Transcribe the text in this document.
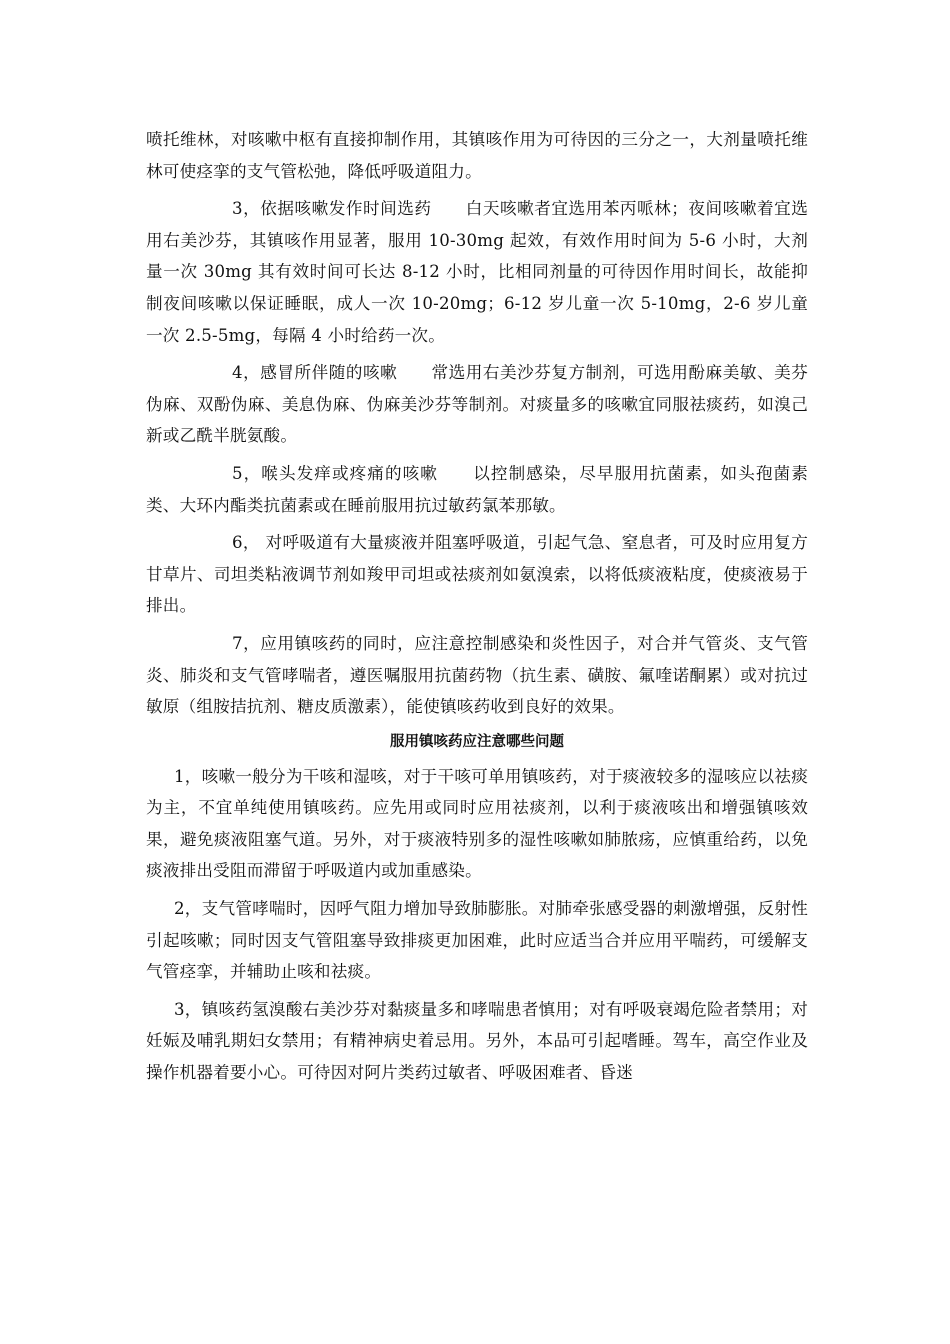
喷托维林，对咳嗽中枢有直接抑制作用，其镇咳作用为可待因的三分之一，大剂量喷托维林可使痉挛的支气管松弛，降低呼吸道阻力。

3，依据咳嗽发作时间选药　　白天咳嗽者宜选用苯丙哌林；夜间咳嗽着宜选用右美沙芬，其镇咳作用显著，服用 10-30mg 起效，有效作用时间为 5-6 小时，大剂量一次 30mg 其有效时间可长达 8-12 小时，比相同剂量的可待因作用时间长，故能抑制夜间咳嗽以保证睡眠，成人一次 10-20mg；6-12 岁儿童一次 5-10mg，2-6 岁儿童一次 2.5-5mg，每隔 4 小时给药一次。

4，感冒所伴随的咳嗽　　常选用右美沙芬复方制剂，可选用酚麻美敏、美芬伪麻、双酚伪麻、美息伪麻、伪麻美沙芬等制剂。对痰量多的咳嗽宜同服祛痰药，如溴己新或乙酰半胱氨酸。

5，喉头发痒或疼痛的咳嗽　　以控制感染，尽早服用抗菌素，如头孢菌素类、大环内酯类抗菌素或在睡前服用抗过敏药氯苯那敏。

6， 对呼吸道有大量痰液并阻塞呼吸道，引起气急、窒息者，可及时应用复方甘草片、司坦类粘液调节剂如羧甲司坦或祛痰剂如氨溴索，以将低痰液粘度，使痰液易于排出。

7，应用镇咳药的同时，应注意控制感染和炎性因子，对合并气管炎、支气管炎、肺炎和支气管哮喘者，遵医嘱服用抗菌药物（抗生素、磺胺、氟喹诺酮累）或对抗过敏原（组胺拮抗剂、糖皮质激素），能使镇咳药收到良好的效果。

服用镇咳药应注意哪些问题

1，咳嗽一般分为干咳和湿咳，对于干咳可单用镇咳药，对于痰液较多的湿咳应以祛痰为主，不宜单纯使用镇咳药。应先用或同时应用祛痰剂，以利于痰液咳出和增强镇咳效果，避免痰液阻塞气道。另外，对于痰液特别多的湿性咳嗽如肺脓疡，应慎重给药，以免痰液排出受阻而滞留于呼吸道内或加重感染。

2，支气管哮喘时，因呼气阻力增加导致肺膨胀。对肺牵张感受器的刺激增强，反射性引起咳嗽；同时因支气管阻塞导致排痰更加困难，此时应适当合并应用平喘药，可缓解支气管痉挛，并辅助止咳和祛痰。

3，镇咳药氢溴酸右美沙芬对黏痰量多和哮喘患者慎用；对有呼吸衰竭危险者禁用；对妊娠及哺乳期妇女禁用；有精神病史着忌用。另外，本品可引起嗜睡。驾车，高空作业及操作机器着要小心。可待因对阿片类药过敏者、呼吸困难者、昏迷
